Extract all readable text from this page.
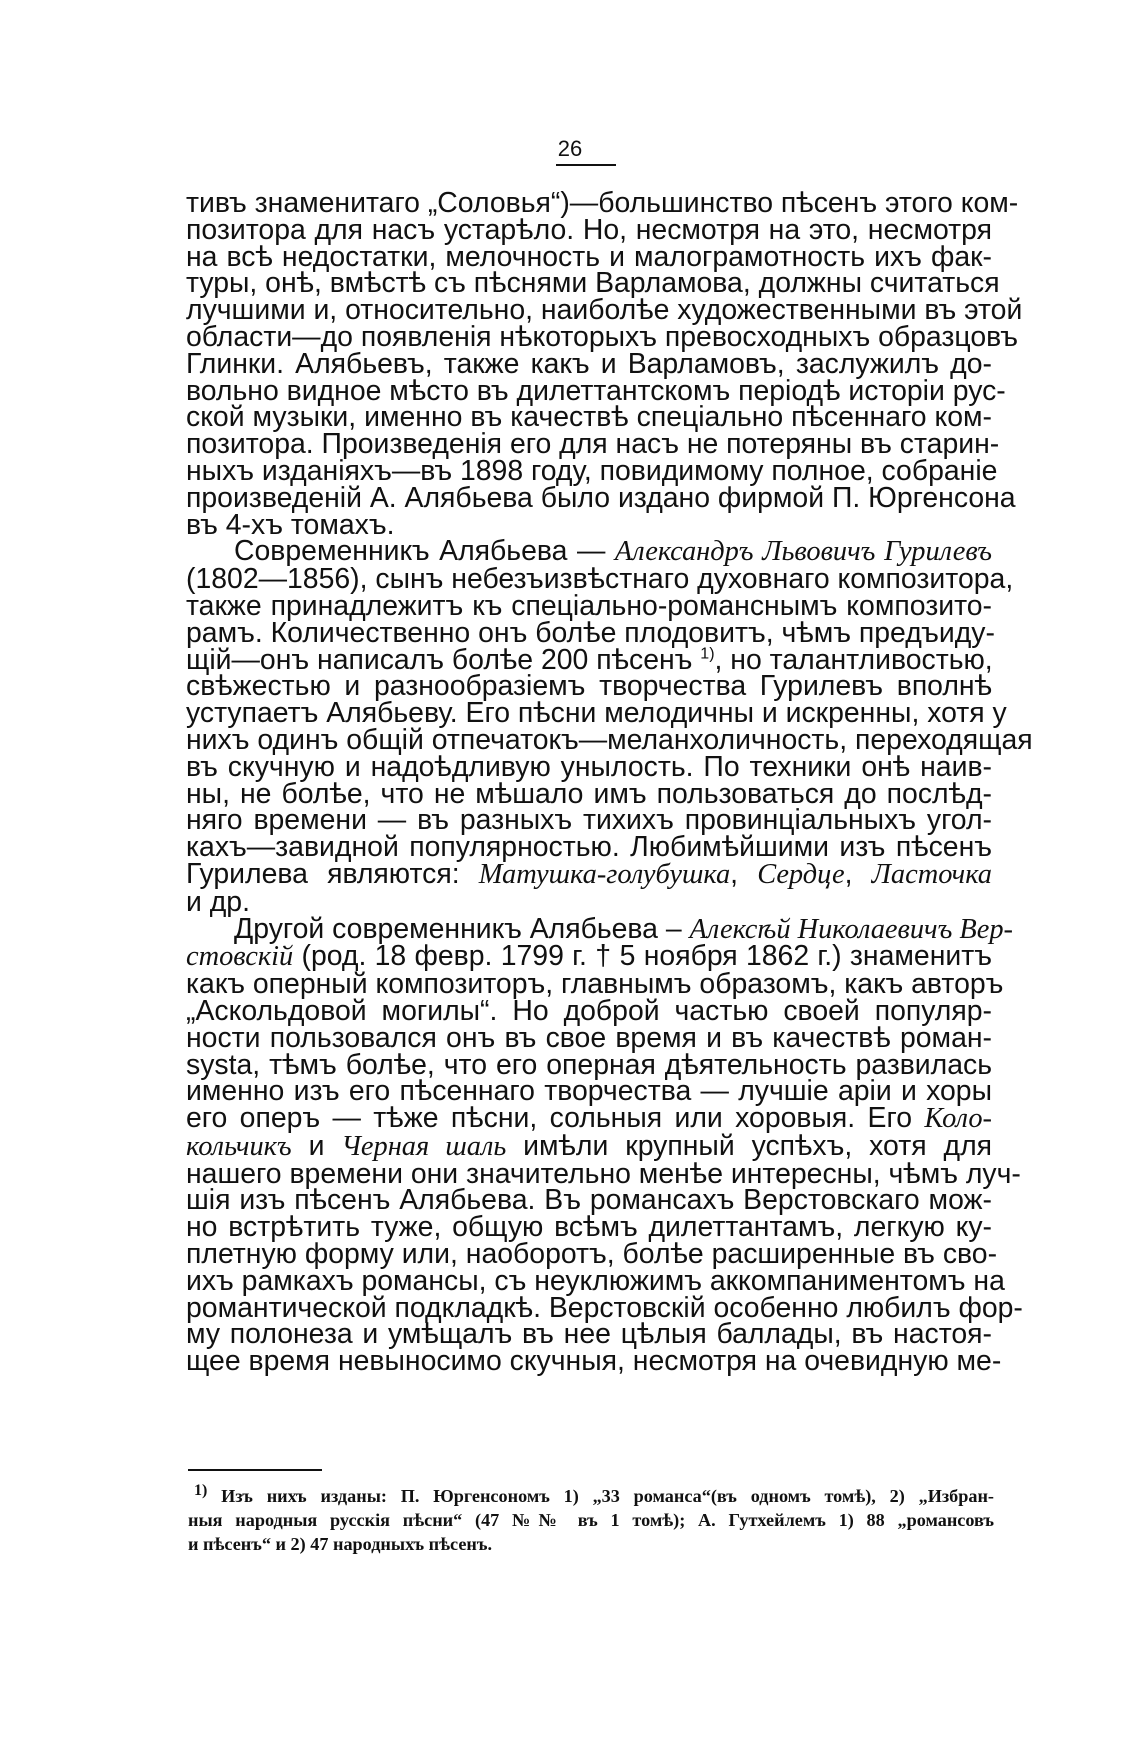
26
тивъ знаменитаго „Соловья“)—большинство пѣсенъ этого ком-
позитора для насъ устарѣло. Но, несмотря на это, несмотря
на всѣ недостатки, мелочность и малограмотность ихъ фак-
туры, онѣ, вмѣстѣ съ пѣснями Варламова, должны считаться
лучшими и, относительно, наиболѣе художественными въ этой
области—до появленія нѣкоторыхъ превосходныхъ образцовъ
Глинки. Алябьевъ, также какъ и Варламовъ, заслужилъ до-
вольно видное мѣсто въ дилеттантскомъ періодѣ исторіи рус-
ской музыки, именно въ качествѣ спеціально пѣсеннаго ком-
позитора. Произведенія его для насъ не потеряны въ старин-
ныхъ изданіяхъ—въ 1898 году, повидимому полное, собраніе
произведеній А. Алябьева было издано фирмой П. Юргенсона
въ 4-хъ томахъ.
Современникъ Алябьева — Александръ Львовичъ Гурилевъ
(1802—1856), сынъ небезъизвѣстнаго духовнаго композитора,
также принадлежитъ къ спеціально-романснымъ композито-
рамъ. Количественно онъ болѣе плодовитъ, чѣмъ предъиду-
щій—онъ написалъ болѣе 200 пѣсенъ $^{1)}$, но талантливостью,
свѣжестью и разнообразіемъ творчества Гурилевъ вполнѣ
уступаетъ Алябьеву. Его пѣсни мелодичны и искренны, хотя у
нихъ одинъ общій отпечатокъ—меланхоличность, переходящая
въ скучную и надоѣдливую унылость. По техники онѣ наив-
ны, не болѣе, что не мѣшало имъ пользоваться до послѣд-
няго времени — въ разныхъ тихихъ провинціальныхъ угол-
кахъ—завидной популярностью. Любимѣйшими изъ пѣсенъ
Гурилева являются: Матушка-голубушка, Сердце, Ласточка
и др.
Другой современникъ Алябьева – Алексѣй Николаевичъ Вер-
стовскій (род. 18 февр. 1799 г. † 5 ноября 1862 г.) знаменитъ
какъ оперный композиторъ, главнымъ образомъ, какъ авторъ
„Аскольдовой могилы“. Но доброй частью своей популяр-
ности пользовался онъ въ свое время и въ качествѣ роман-
systа, тѣмъ болѣе, что его оперная дѣятельность развилась
именно изъ его пѣсеннаго творчества — лучшіе аріи и хоры
его оперъ — тѣже пѣсни, сольныя или хоровыя. Его Коло-
кольчикъ и Черная шаль имѣли крупный успѣхъ, хотя для
нашего времени они значительно менѣе интересны, чѣмъ луч-
шія изъ пѣсенъ Алябьева. Въ романсахъ Верстовскаго мож-
но встрѣтить туже, общую всѣмъ дилеттантамъ, легкую ку-
плетную форму или, наоборотъ, болѣе расширенные въ сво-
ихъ рамкахъ романсы, съ неуклюжимъ аккомпаниментомъ на
романтической подкладкѣ. Верстовскій особенно любилъ фор-
му полонеза и умѣщалъ въ нее цѣлыя баллады, въ настоя-
щее время невыносимо скучныя, несмотря на очевидную ме-
$^{1)}$ Изъ нихъ изданы: П. Юргенсономъ 1) „33 романса“(въ одномъ томѣ), 2) „Избран-
ныя народныя русскія пѣсни“ (47 №№ въ 1 томѣ); А. Гутхейлемъ 1) 88 „романсовъ
и пѣсенъ“ и 2) 47 народныхъ пѣсенъ.
